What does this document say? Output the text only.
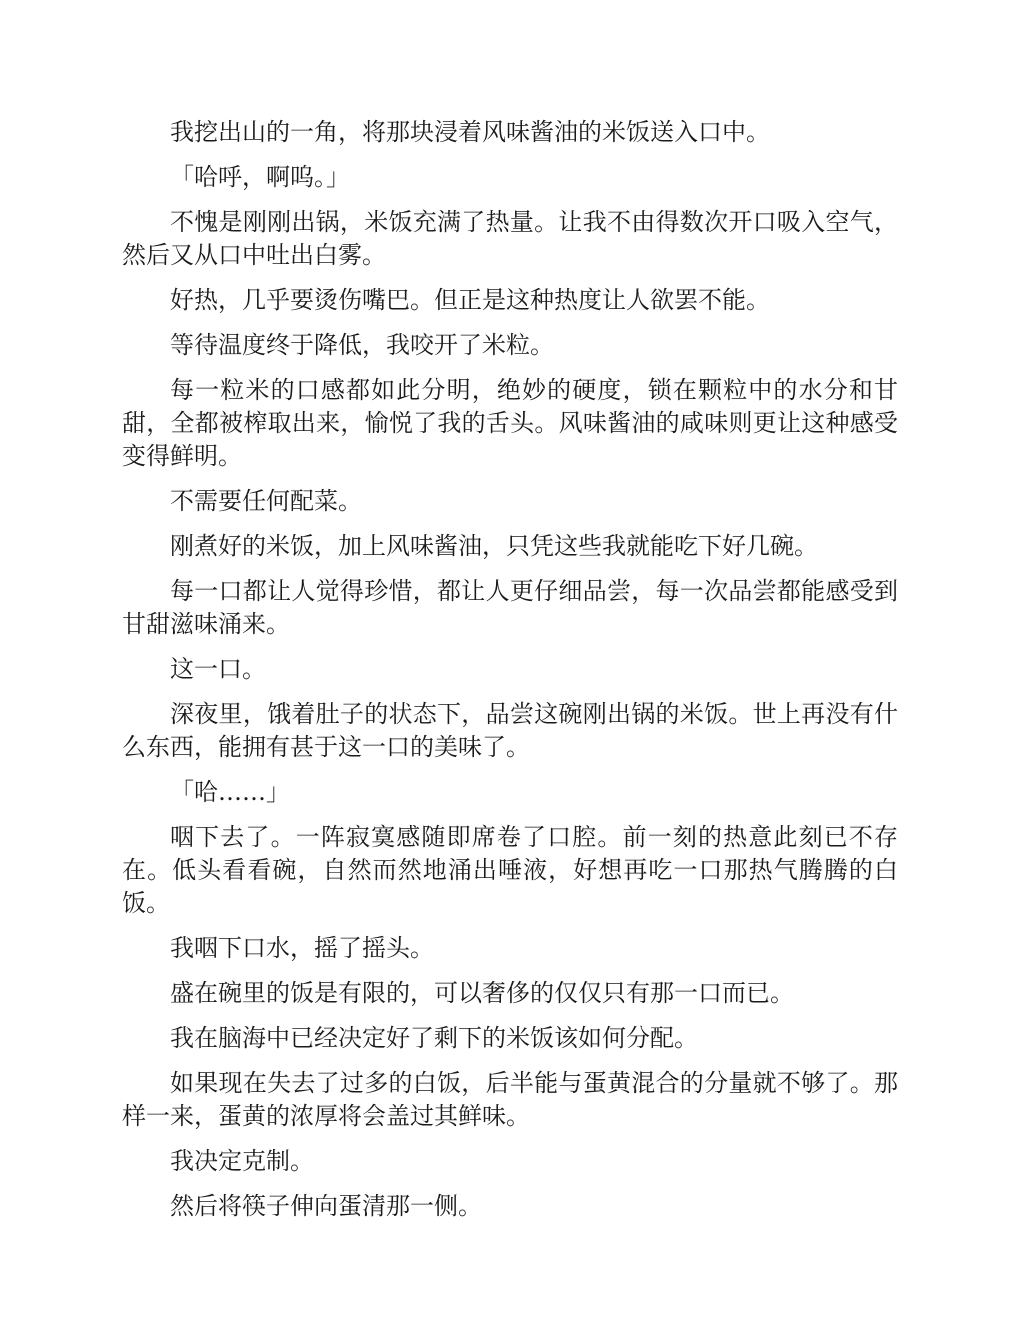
我挖出山的一角，将那块浸着风味酱油的米饭送入口中。

「哈呼，啊呜。」

不愧是刚刚出锅，米饭充满了热量。让我不由得数次开口吸入空气，然后又从口中吐出白雾。

好热，几乎要烫伤嘴巴。但正是这种热度让人欲罢不能。

等待温度终于降低，我咬开了米粒。

每一粒米的口感都如此分明，绝妙的硬度，锁在颗粒中的水分和甘甜，全都被榨取出来，愉悦了我的舌头。风味酱油的咸味则更让这种感受变得鲜明。

不需要任何配菜。

刚煮好的米饭，加上风味酱油，只凭这些我就能吃下好几碗。

每一口都让人觉得珍惜，都让人更仔细品尝，每一次品尝都能感受到甘甜滋味涌来。

这一口。

深夜里，饿着肚子的状态下，品尝这碗刚出锅的米饭。世上再没有什么东西，能拥有甚于这一口的美味了。

「哈……」

咽下去了。一阵寂寞感随即席卷了口腔。前一刻的热意此刻已不存在。低头看看碗，自然而然地涌出唾液，好想再吃一口那热气腾腾的白饭。

我咽下口水，摇了摇头。

盛在碗里的饭是有限的，可以奢侈的仅仅只有那一口而已。

我在脑海中已经决定好了剩下的米饭该如何分配。

如果现在失去了过多的白饭，后半能与蛋黄混合的分量就不够了。那样一来，蛋黄的浓厚将会盖过其鲜味。

我决定克制。

然后将筷子伸向蛋清那一侧。
